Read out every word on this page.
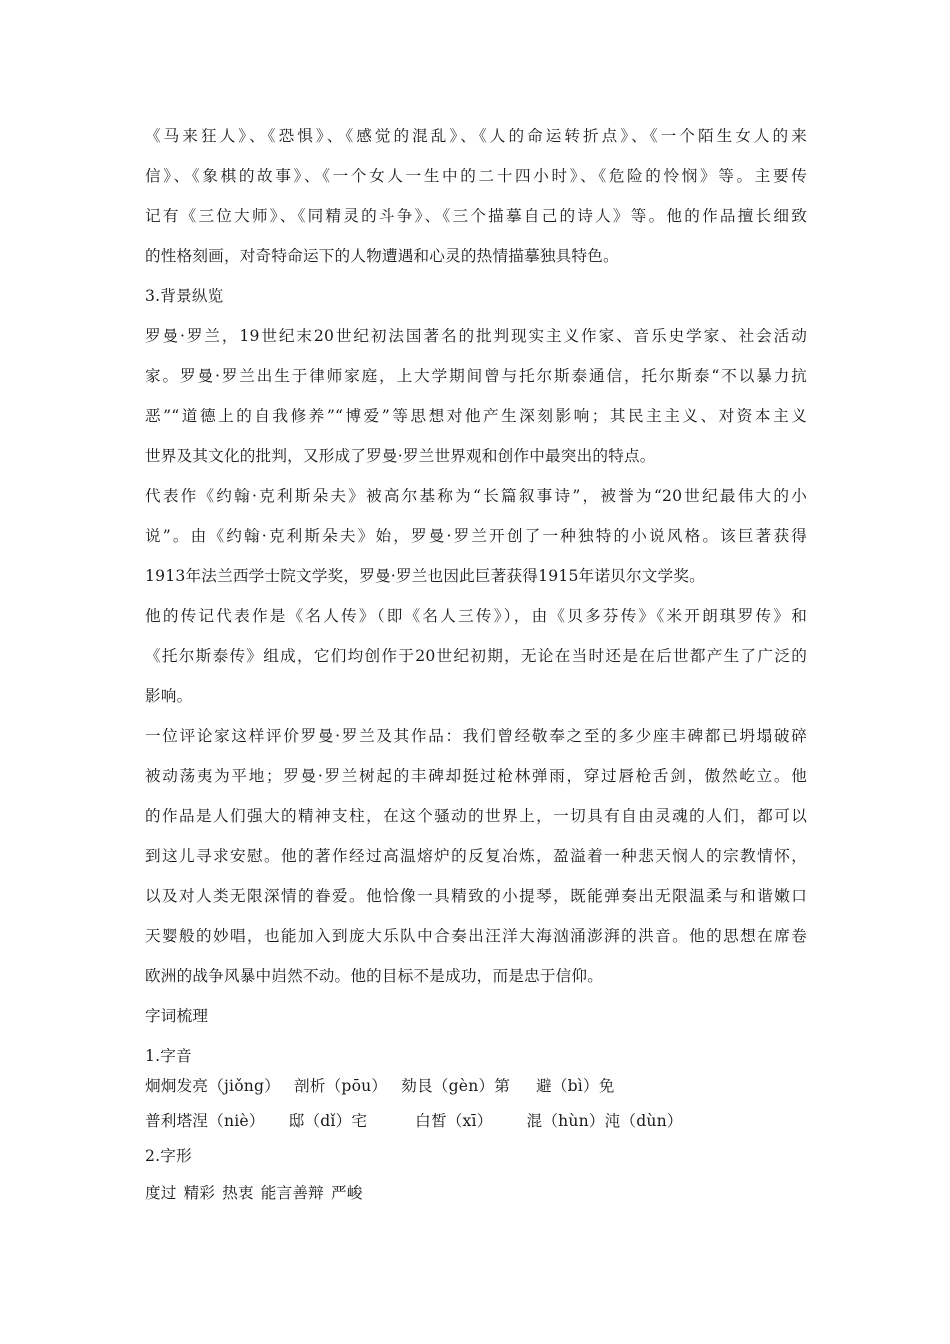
《马来狂人》、《恐惧》、《感觉的混乱》、《人的命运转折点》、《一个陌生女人的来
信》、《象棋的故事》、《一个女人一生中的二十四小时》、《危险的怜悯》等。主要传
记有《三位大师》、《同精灵的斗争》、《三个描摹自己的诗人》等。他的作品擅长细致
的性格刻画，对奇特命运下的人物遭遇和心灵的热情描摹独具特色。
3.背景纵览
罗曼·罗兰，19世纪末20世纪初法国著名的批判现实主义作家、音乐史学家、社会活动
家。罗曼·罗兰出生于律师家庭，上大学期间曾与托尔斯泰通信，托尔斯泰“不以暴力抗
恶”“道德上的自我修养”“博爱”等思想对他产生深刻影响；其民主主义、对资本主义
世界及其文化的批判，又形成了罗曼·罗兰世界观和创作中最突出的特点。
代表作《约翰·克利斯朵夫》被高尔基称为“长篇叙事诗”，被誉为“20世纪最伟大的小
说”。由《约翰·克利斯朵夫》始，罗曼·罗兰开创了一种独特的小说风格。该巨著获得
1913年法兰西学士院文学奖，罗曼·罗兰也因此巨著获得1915年诺贝尔文学奖。
他的传记代表作是《名人传》（即《名人三传》），由《贝多芬传》《米开朗琪罗传》和
《托尔斯泰传》组成，它们均创作于20世纪初期，无论在当时还是在后世都产生了广泛的
影响。
一位评论家这样评价罗曼·罗兰及其作品：我们曾经敬奉之至的多少座丰碑都已坍塌破碎
被动荡夷为平地；罗曼·罗兰树起的丰碑却挺过枪林弹雨，穿过唇枪舌剑，傲然屹立。他
的作品是人们强大的精神支柱，在这个骚动的世界上，一切具有自由灵魂的人们，都可以
到这儿寻求安慰。他的著作经过高温熔炉的反复冶炼，盈溢着一种悲天悯人的宗教情怀，
以及对人类无限深情的眷爱。他恰像一具精致的小提琴，既能弹奏出无限温柔与和谐嫩口
天婴般的妙唱，也能加入到庞大乐队中合奏出汪洋大海汹涌澎湃的洪音。他的思想在席卷
欧洲的战争风暴中岿然不动。他的目标不是成功，而是忠于信仰。
字词梳理
1.字音
炯炯发亮（jiǒng） 剖析（pōu） 劾艮（gèn）第 避（bì）免
普利塔涅（niè） 邸（dǐ）宅	白皙（xī） 混（hùn）沌（dùn）
2.字形
度过 精彩 热衷 能言善辩 严峻
